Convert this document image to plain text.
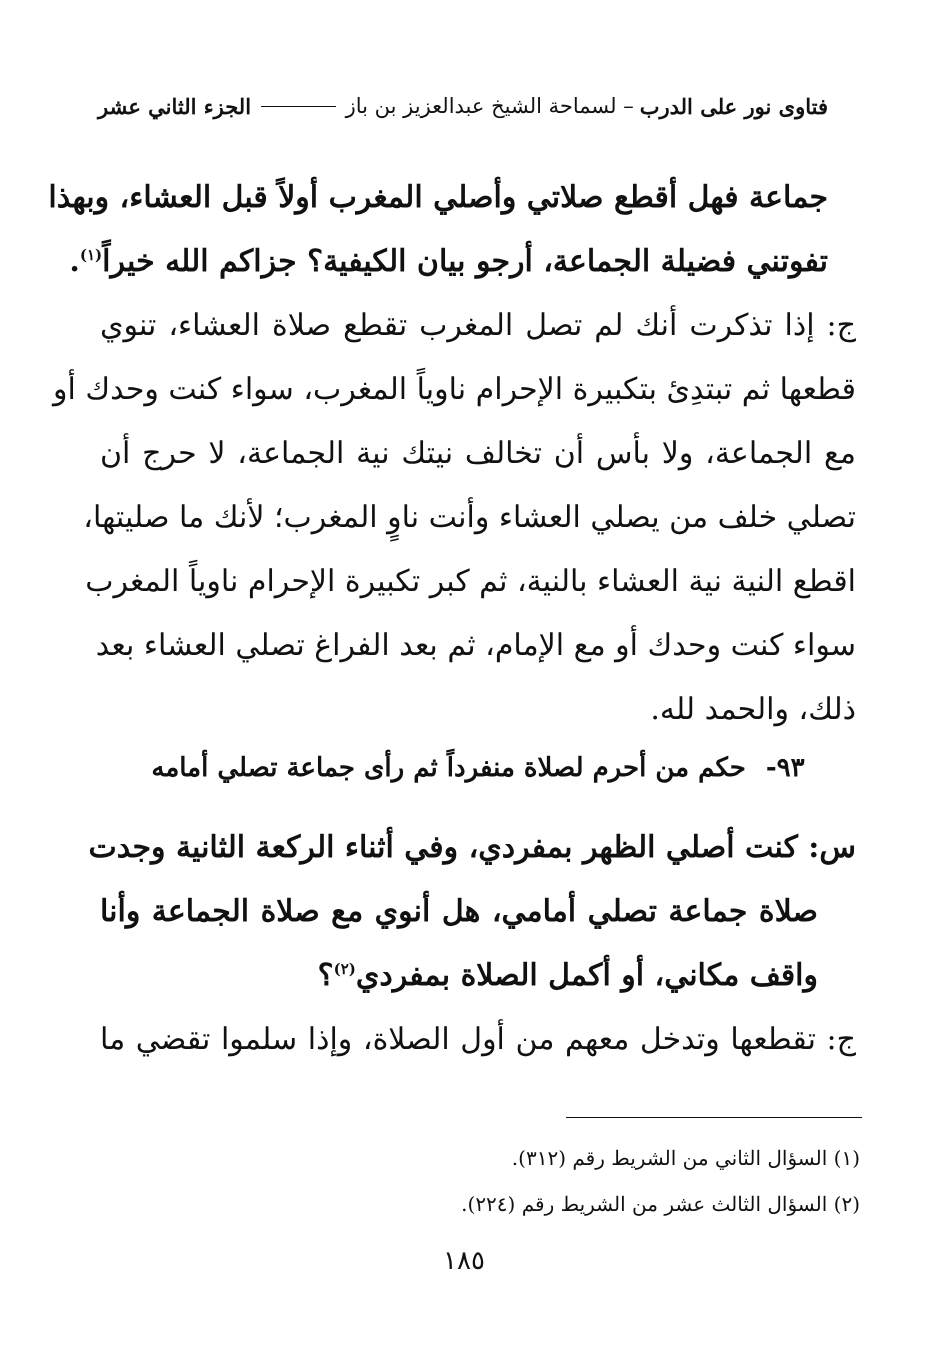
فتاوى نور على الدرب
– لسماحة الشيخ عبدالعزيز بن باز
الجزء الثاني عشر
جماعة فهل أقطع صلاتي وأصلي المغرب أولاً قبل العشاء، وبهذا
تفوتني فضيلة الجماعة، أرجو بيان الكيفية؟ جزاكم الله خيراً$^{(١)}$.
ج: إذا تذكرت أنك لم تصل المغرب تقطع صلاة العشاء، تنوي
قطعها ثم تبتدِئ بتكبيرة الإحرام ناوياً المغرب، سواء كنت وحدك أو
مع الجماعة، ولا بأس أن تخالف نيتك نية الجماعة، لا حرج أن
تصلي خلف من يصلي العشاء وأنت ناوٍ المغرب؛ لأنك ما صليتها،
اقطع النية نية العشاء بالنية، ثم كبر تكبيرة الإحرام ناوياً المغرب
سواء كنت وحدك أو مع الإمام، ثم بعد الفراغ تصلي العشاء بعد
ذلك، والحمد لله.
٩٣-حكم من أحرم لصلاة منفرداً ثم رأى جماعة تصلي أمامه
س: كنت أصلي الظهر بمفردي، وفي أثناء الركعة الثانية وجدت
صلاة جماعة تصلي أمامي، هل أنوي مع صلاة الجماعة وأنا
واقف مكاني، أو أكمل الصلاة بمفردي$^{(٢)}$؟
ج: تقطعها وتدخل معهم من أول الصلاة، وإذا سلموا تقضي ما
(١) السؤال الثاني من الشريط رقم (٣١٢).
(٢) السؤال الثالث عشر من الشريط رقم (٢٢٤).
١٨٥
